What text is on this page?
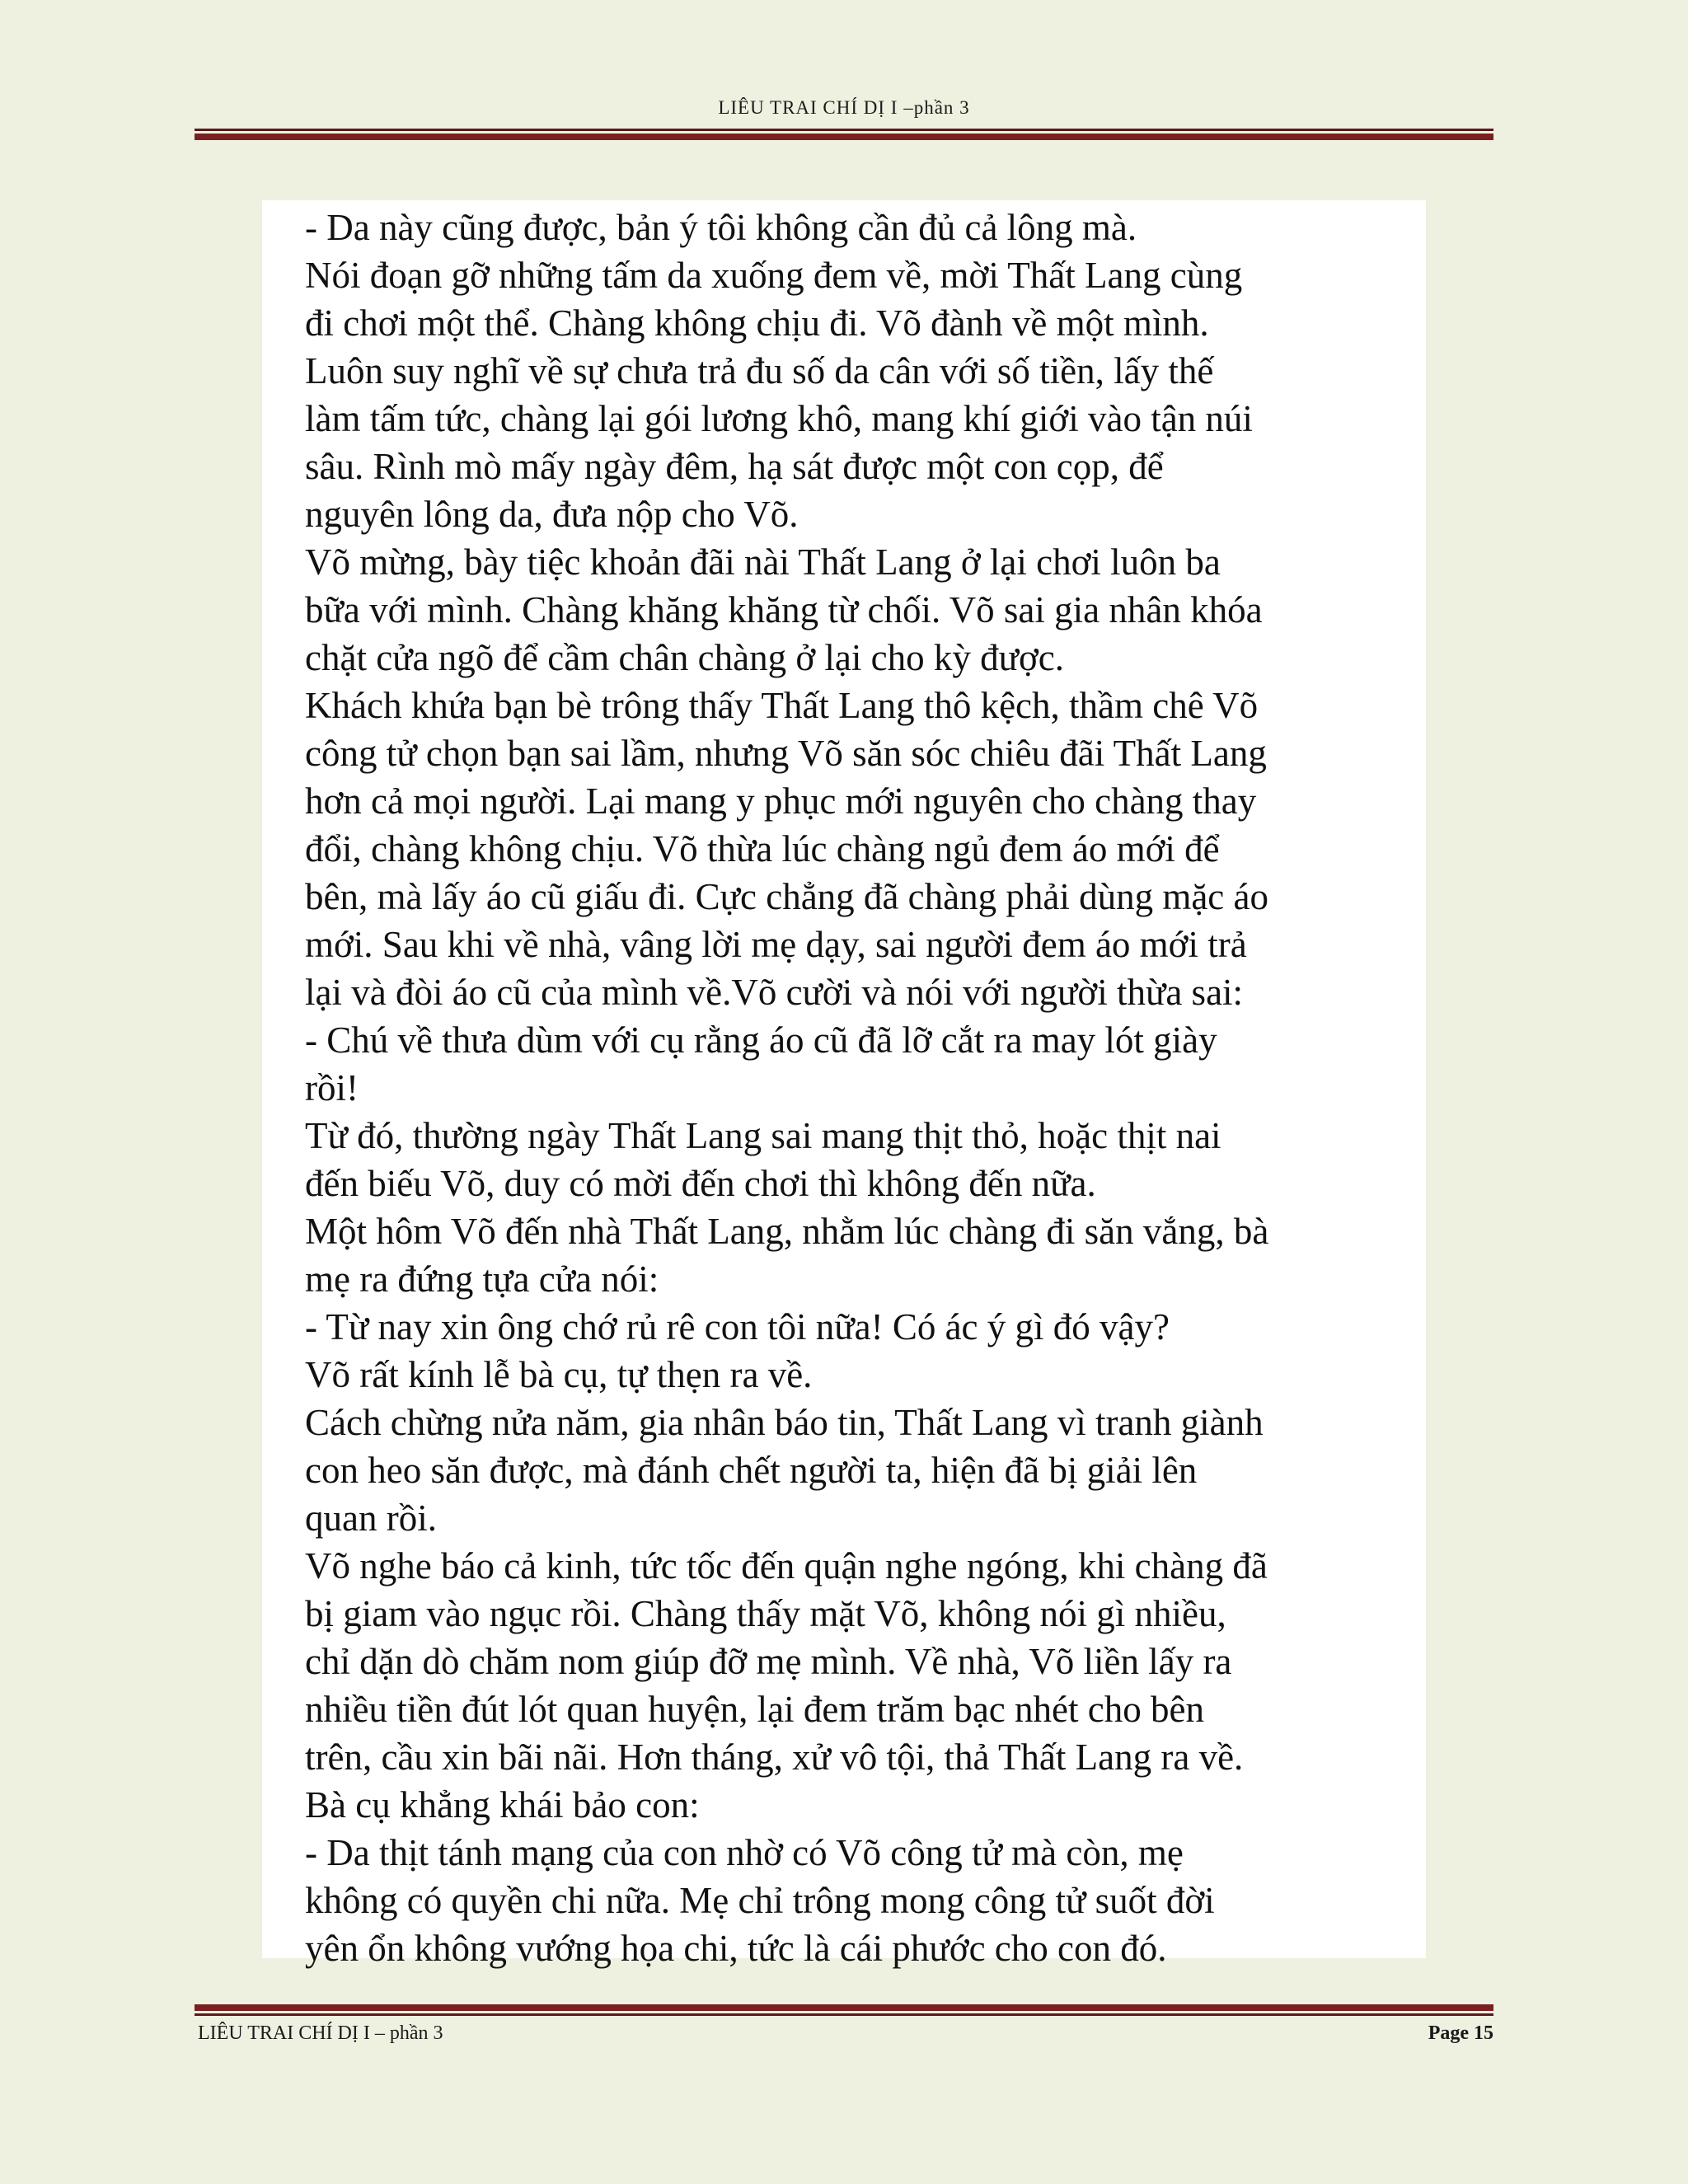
LIÊU TRAI CHÍ DỊ I –phần 3

- Da này cũng được, bản ý tôi không cần đủ cả lông mà.

Nói đoạn gỡ những tấm da xuống đem về, mời Thất Lang cùng

đi chơi một thể. Chàng không chịu đi. Võ đành về một mình.

Luôn suy nghĩ về sự chưa trả đu số da cân với số tiền, lấy thế

làm tấm tức, chàng lại gói lương khô, mang khí giới vào tận núi

sâu. Rình mò mấy ngày đêm, hạ sát được một con cọp, để

nguyên lông da, đưa nộp cho Võ.

Võ mừng, bày tiệc khoản đãi nài Thất Lang ở lại chơi luôn ba

bữa với mình. Chàng khăng khăng từ chối. Võ sai gia nhân khóa

chặt cửa ngõ để cầm chân chàng ở lại cho kỳ được.

Khách khứa bạn bè trông thấy Thất Lang thô kệch, thầm chê Võ

công tử chọn bạn sai lầm, nhưng Võ săn sóc chiêu đãi Thất Lang

hơn cả mọi người. Lại mang y phục mới nguyên cho chàng thay

đổi, chàng không chịu. Võ thừa lúc chàng ngủ đem áo mới để

bên, mà lấy áo cũ giấu đi. Cực chẳng đã chàng phải dùng mặc áo

mới. Sau khi về nhà, vâng lời mẹ dạy, sai người đem áo mới trả

lại và đòi áo cũ của mình về.Võ cười và nói với người thừa sai:

- Chú về thưa dùm với cụ rằng áo cũ đã lỡ cắt ra may lót giày

rồi!

Từ đó, thường ngày Thất Lang sai mang thịt thỏ, hoặc thịt nai

đến biếu Võ, duy có mời đến chơi thì không đến nữa.

Một hôm Võ đến nhà Thất Lang, nhằm lúc chàng đi săn vắng, bà

mẹ ra đứng tựa cửa nói:

- Từ nay xin ông chớ rủ rê con tôi nữa! Có ác ý gì đó vậy?

Võ rất kính lễ bà cụ, tự thẹn ra về.

Cách chừng nửa năm, gia nhân báo tin, Thất Lang vì tranh giành

con heo săn được, mà đánh chết người ta, hiện đã bị giải lên

quan rồi.

Võ nghe báo cả kinh, tức tốc đến quận nghe ngóng, khi chàng đã

bị giam vào ngục rồi. Chàng thấy mặt Võ, không nói gì nhiều,

chỉ dặn dò chăm nom giúp đỡ mẹ mình. Về nhà, Võ liền lấy ra

nhiều tiền đút lót quan huyện, lại đem trăm bạc nhét cho bên

trên, cầu xin bãi nãi. Hơn tháng, xử vô tội, thả Thất Lang ra về.

Bà cụ khẳng khái bảo con:

- Da thịt tánh mạng của con nhờ có Võ công tử mà còn, mẹ

không có quyền chi nữa. Mẹ chỉ trông mong công tử suốt đời

yên ổn không vướng họa chi, tức là cái phước cho con đó.

LIÊU TRAI CHÍ DỊ I – phần 3	Page 15
